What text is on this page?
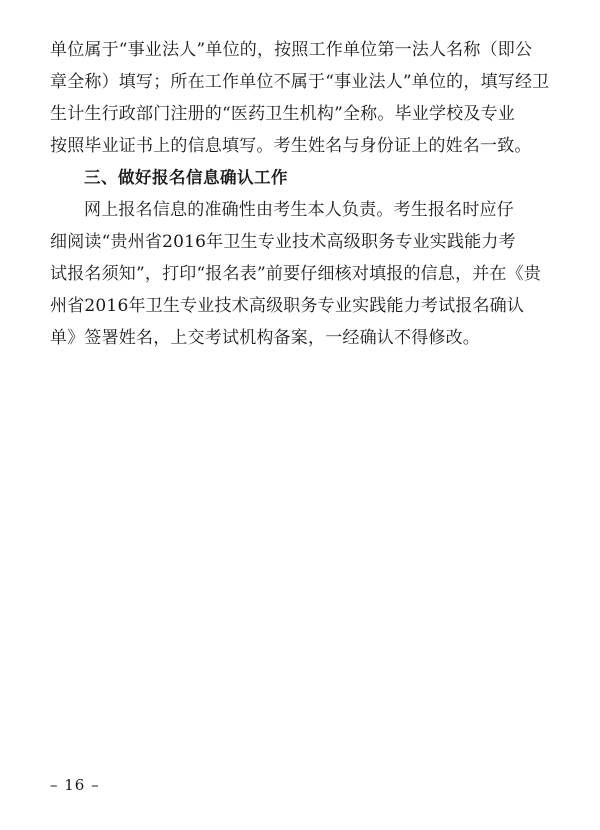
单位属于“事业法人”单位的，按照工作单位第一法人名称（即公
章全称）填写；所在工作单位不属于“事业法人”单位的，填写经卫
生计生行政部门注册的“医药卫生机构”全称。毕业学校及专业
按照毕业证书上的信息填写。考生姓名与身份证上的姓名一致。
三、做好报名信息确认工作
网上报名信息的准确性由考生本人负责。考生报名时应仔
细阅读“贵州省2016年卫生专业技术高级职务专业实践能力考
试报名须知”，打印“报名表”前要仔细核对填报的信息，并在《贵
州省2016年卫生专业技术高级职务专业实践能力考试报名确认
单》签署姓名，上交考试机构备案，一经确认不得修改。
– 16 –
